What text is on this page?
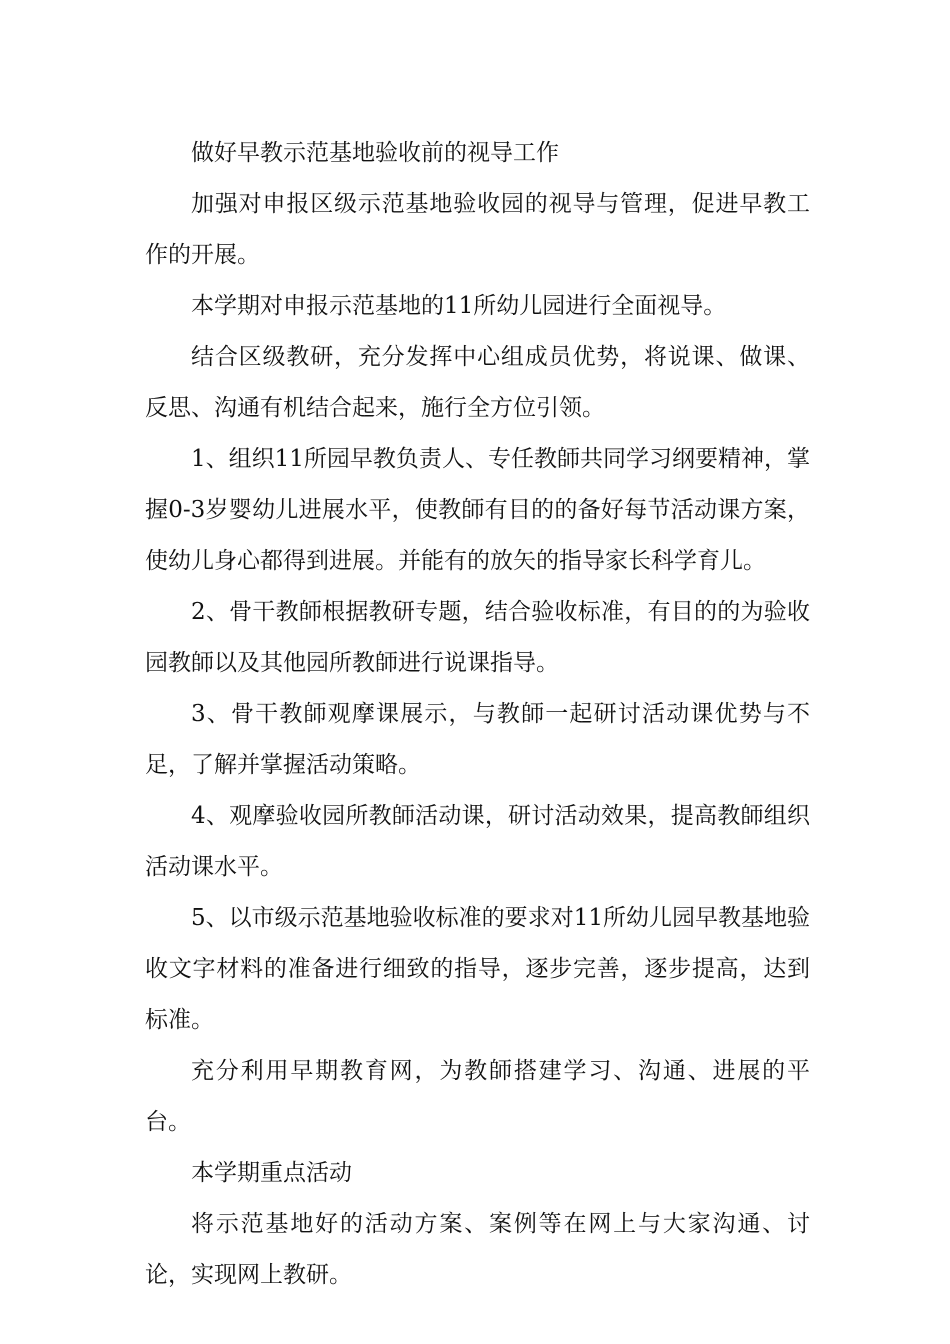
做好早教示范基地验收前的视导工作

加强对申报区级示范基地验收园的视导与管理，促进早教工作的开展。

本学期对申报示范基地的11所幼儿园进行全面视导。

结合区级教研，充分发挥中心组成员优势，将说课、做课、反思、沟通有机结合起来，施行全方位引领。

1、组织11所园早教负责人、专任教師共同学习纲要精神，掌握0-3岁婴幼儿进展水平，使教師有目的的备好每节活动课方案，使幼儿身心都得到进展。并能有的放矢的指导家长科学育儿。

2、骨干教師根据教研专题，结合验收标准，有目的的为验收园教師以及其他园所教師进行说课指导。

3、骨干教師观摩课展示，与教師一起研讨活动课优势与不足，了解并掌握活动策略。

4、观摩验收园所教師活动课，研讨活动效果，提高教師组织活动课水平。

5、以市级示范基地验收标准的要求对11所幼儿园早教基地验收文字材料的准备进行细致的指导，逐步完善，逐步提高，达到标准。

充分利用早期教育网，为教師搭建学习、沟通、进展的平台。

本学期重点活动

将示范基地好的活动方案、案例等在网上与大家沟通、讨论，实现网上教研。
